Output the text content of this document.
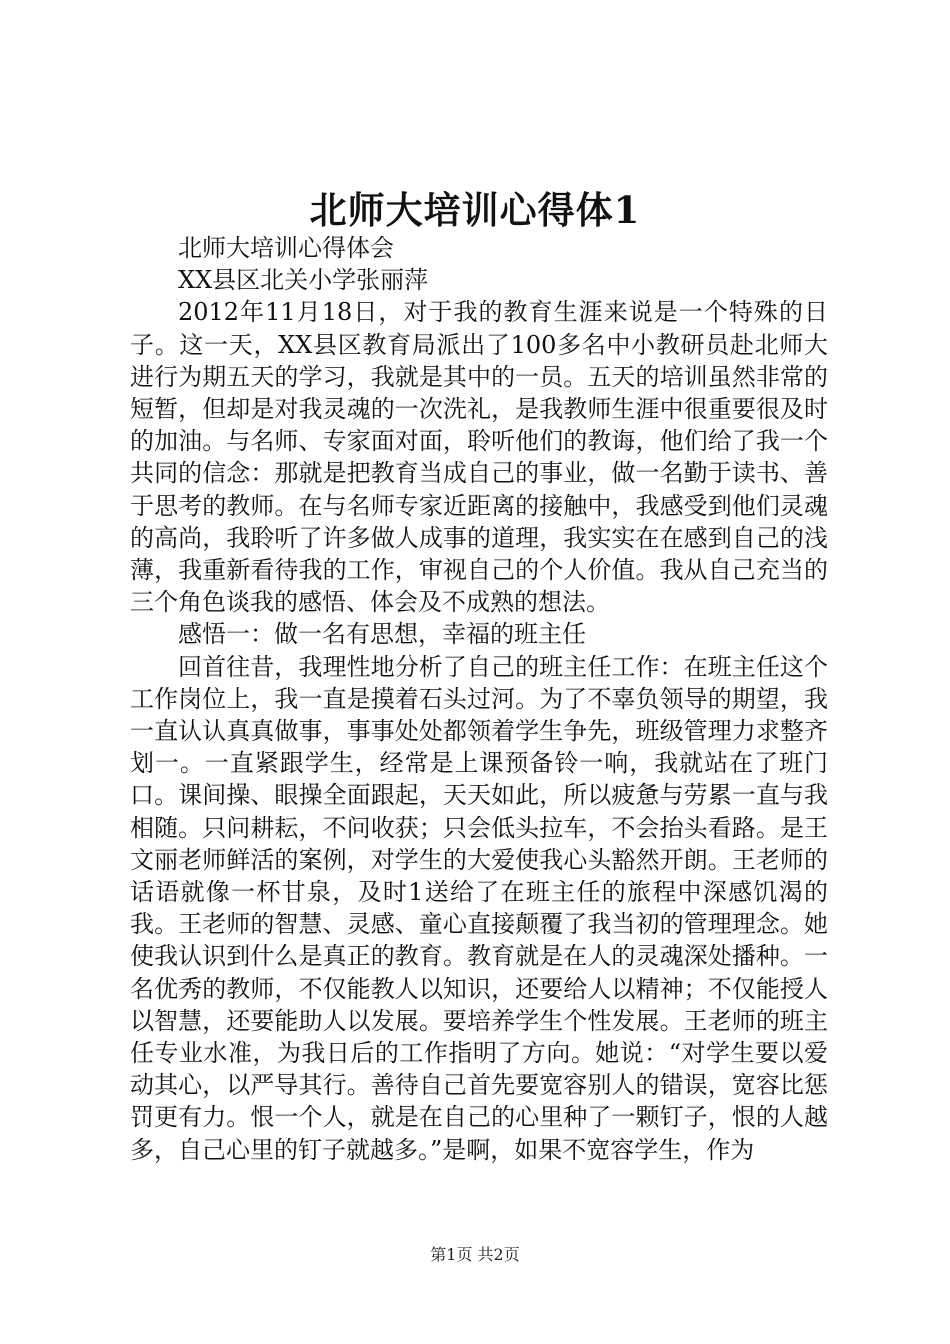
北师大培训心得体1

北师大培训心得体会

XX县区北关小学张丽萍

2012年11月18日，对于我的教育生涯来说是一个特殊的日子。这一天，XX县区教育局派出了100多名中小教研员赴北师大进行为期五天的学习，我就是其中的一员。五天的培训虽然非常的短暂，但却是对我灵魂的一次洗礼，是我教师生涯中很重要很及时的加油。与名师、专家面对面，聆听他们的教诲，他们给了我一个共同的信念：那就是把教育当成自己的事业，做一名勤于读书、善于思考的教师。在与名师专家近距离的接触中，我感受到他们灵魂的高尚，我聆听了许多做人成事的道理，我实实在在感到自己的浅薄，我重新看待我的工作，审视自己的个人价值。我从自己充当的三个角色谈我的感悟、体会及不成熟的想法。

感悟一：做一名有思想，幸福的班主任

回首往昔，我理性地分析了自己的班主任工作：在班主任这个工作岗位上，我一直是摸着石头过河。为了不辜负领导的期望，我一直认认真真做事，事事处处都领着学生争先，班级管理力求整齐划一。一直紧跟学生，经常是上课预备铃一响，我就站在了班门口。课间操、眼操全面跟起，天天如此，所以疲惫与劳累一直与我相随。只问耕耘，不问收获；只会低头拉车，不会抬头看路。是王文丽老师鲜活的案例，对学生的大爱使我心头豁然开朗。王老师的话语就像一杯甘泉，及时1送给了在班主任的旅程中深感饥渴的我。王老师的智慧、灵感、童心直接颠覆了我当初的管理理念。她使我认识到什么是真正的教育。教育就是在人的灵魂深处播种。一名优秀的教师，不仅能教人以知识，还要给人以精神；不仅能授人以智慧，还要能助人以发展。要培养学生个性发展。王老师的班主任专业水准，为我日后的工作指明了方向。她说：“对学生要以爱动其心，以严导其行。善待自己首先要宽容别人的错误，宽容比惩罚更有力。恨一个人，就是在自己的心里种了一颗钉子，恨的人越多，自己心里的钉子就越多。”是啊，如果不宽容学生，作为

第1页 共2页
